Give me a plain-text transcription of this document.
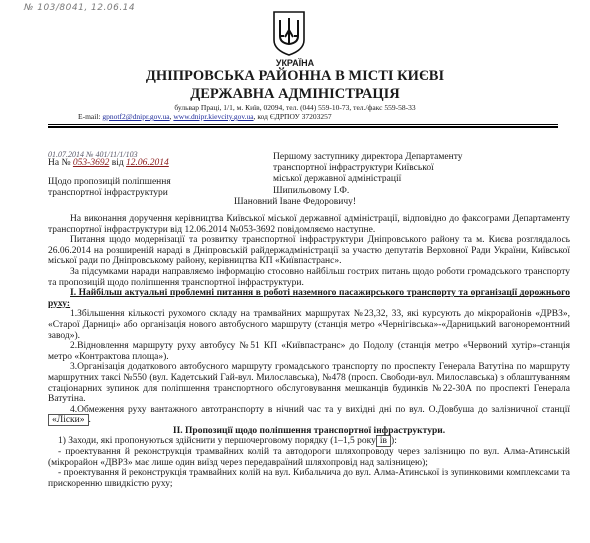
№ 103/8041, 12.06.14
УКРАЇНА
ДНІПРОВСЬКА РАЙОННА В МІСТІ КИЄВІ
ДЕРЖАВНА АДМІНІСТРАЦІЯ
бульвар Праці, 1/1, м. Київ, 02094, тел. (044) 559-10-73, тел./факс 559-58-33
E-mail: gpnotf2@dnipr.gov.ua, www.dnipr.kievcity.gov.ua, код ЄДРПОУ 37203257
01.07.2014 № 401/11/1/103
На № 053-3692 від 12.06.2014
Першому заступнику директора Департаменту
транспортної інфраструктури Київської
міської державної адміністрації
Шипильовому І.Ф.
Щодо пропозицій поліпшення
транспортної інфраструктури
Шановний Іване Федоровичу!

На виконання доручення керівництва Київської міської державної адміністрації, відповідно до факсограми Департаменту транспортної інфраструктури від 12.06.2014 №053-3692 повідомляємо наступне.

Питання щодо модернізації та розвитку транспортної інфраструктури Дніпровського району та м. Києва розглядалось 26.06.2014 на розширеній нараді в Дніпровській райдержадміністрації за участю депутатів Верховної Ради України, Київської міської ради по Дніпровському району, керівництва КП «Київпастранс».

За підсумками наради направляємо інформацію стосовно найбільш гострих питань щодо роботи громадського транспорту та пропозицій щодо поліпшення транспортної інфраструктури.

І. Найбільш актуальні проблемні питання в роботі наземного пасажирського транспорту та організації дорожнього руху:

1.Збільшення кількості рухомого складу на трамвайних маршрутах №23,32, 33, які курсують до мікрорайонів «ДРВЗ», «Старої Дарниці» або організація нового автобусного маршруту (станція метро «Чернігівська»-«Дарницький вагоноремонтний завод»).

2.Відновлення маршруту руху автобусу №51 КП «Київпастранс» до Подолу (станція метро «Червоний хутір»-станція метро «Контрактова площа»).

3.Організація додаткового автобусного маршруту громадського транспорту по проспекту Генерала Ватутіна по маршруту маршрутних таксі №550 (вул. Кадетський Гай-вул. Милославська), №478 (просп. Свободи-вул. Милославська) з облаштуванням стаціонарних зупинок для поліпшення транспортного обслуговування мешканців будинків №22-30А по проспекті Генерала Ватутіна.

4.Обмеження руху вантажного автотранспорту в нічний час та у вихідні дні по вул. О.Довбуша до залізничної станції «Ліски» .

ІІ. Пропозиції щодо поліпшення транспортної інфраструктури.

1) Заходи, які пропонуються здійснити у першочерговому порядку (1–1,5 року ів ):

- проектування й реконструкція трамвайних колій та автодороги шляхопроводу через залізницю по вул. Алма-Атинській (мікрорайон «ДВРЗ» має лише один виїзд через передавраїний шляхопровід над залізницею);

- проектування й реконструкція трамвайних колій на вул. Кибальчича до вул. Алма-Атинської із зупинковими комплексами та прискоренню швидкістю руху;
